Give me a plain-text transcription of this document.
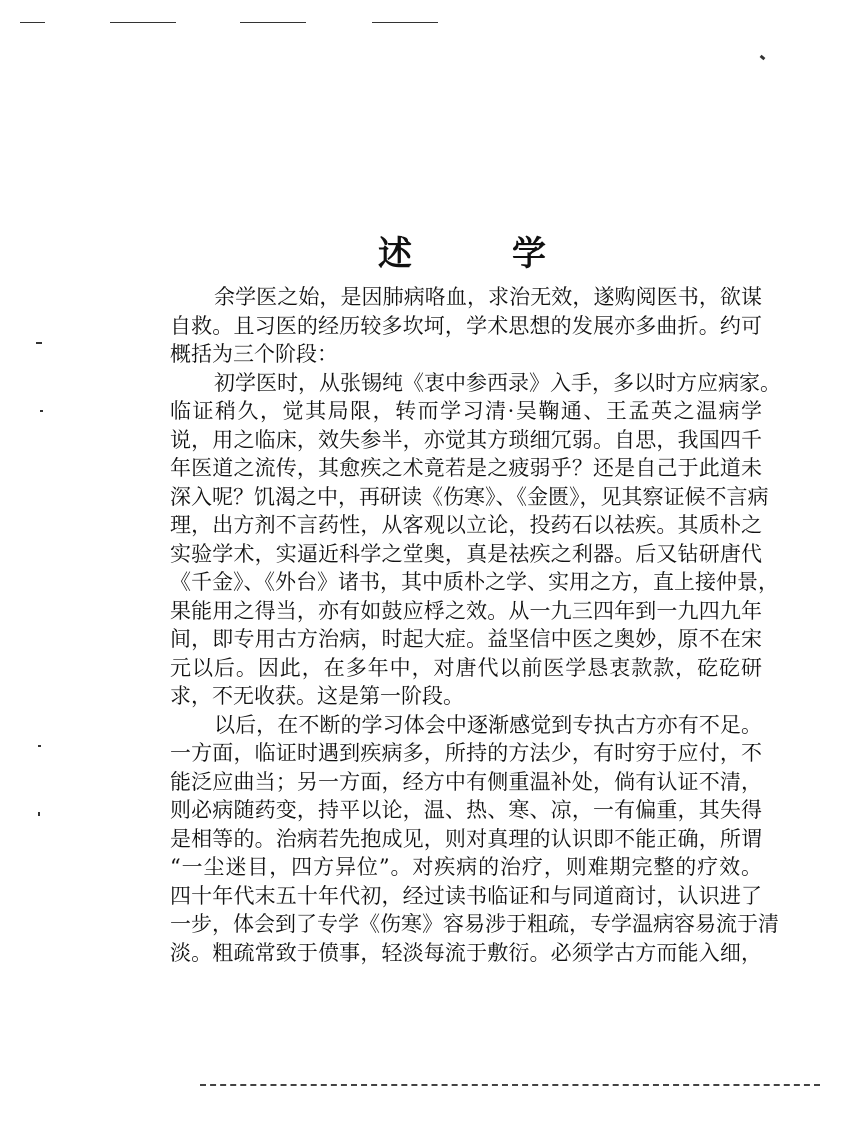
述	学
余学医之始，是因肺病咯血，求治无效，遂购阅医书，欲谋
自救。且习医的经历较多坎坷，学术思想的发展亦多曲折。约可
概括为三个阶段：
初学医时，从张锡纯《衷中参西录》入手，多以时方应病家。
临证稍久，觉其局限，转而学习清·吴鞠通、王孟英之温病学
说，用之临床，效失参半，亦觉其方琐细冗弱。自思，我国四千
年医道之流传，其愈疾之术竟若是之疲弱乎？还是自己于此道未
深入呢？饥渴之中，再研读《伤寒》、《金匮》，见其察证候不言病
理，出方剂不言药性，从客观以立论，投药石以祛疾。其质朴之
实验学术，实逼近科学之堂奥，真是祛疾之利器。后又钻研唐代
《千金》、《外台》诸书，其中质朴之学、实用之方，直上接仲景，
果能用之得当，亦有如鼓应桴之效。从一九三四年到一九四九年
间，即专用古方治病，时起大症。益坚信中医之奥妙，原不在宋
元以后。因此，在多年中，对唐代以前医学恳衷款款，矻矻研
求，不无收获。这是第一阶段。
以后，在不断的学习体会中逐渐感觉到专执古方亦有不足。
一方面，临证时遇到疾病多，所持的方法少，有时穷于应付，不
能泛应曲当；另一方面，经方中有侧重温补处，倘有认证不清，
则必病随药变，持平以论，温、热、寒、凉，一有偏重，其失得
是相等的。治病若先抱成见，则对真理的认识即不能正确，所谓
“一尘迷目，四方异位”。对疾病的治疗，则难期完整的疗效。
四十年代末五十年代初，经过读书临证和与同道商讨，认识进了
一步，体会到了专学《伤寒》容易涉于粗疏，专学温病容易流于清
淡。粗疏常致于偾事，轻淡每流于敷衍。必须学古方而能入细，
